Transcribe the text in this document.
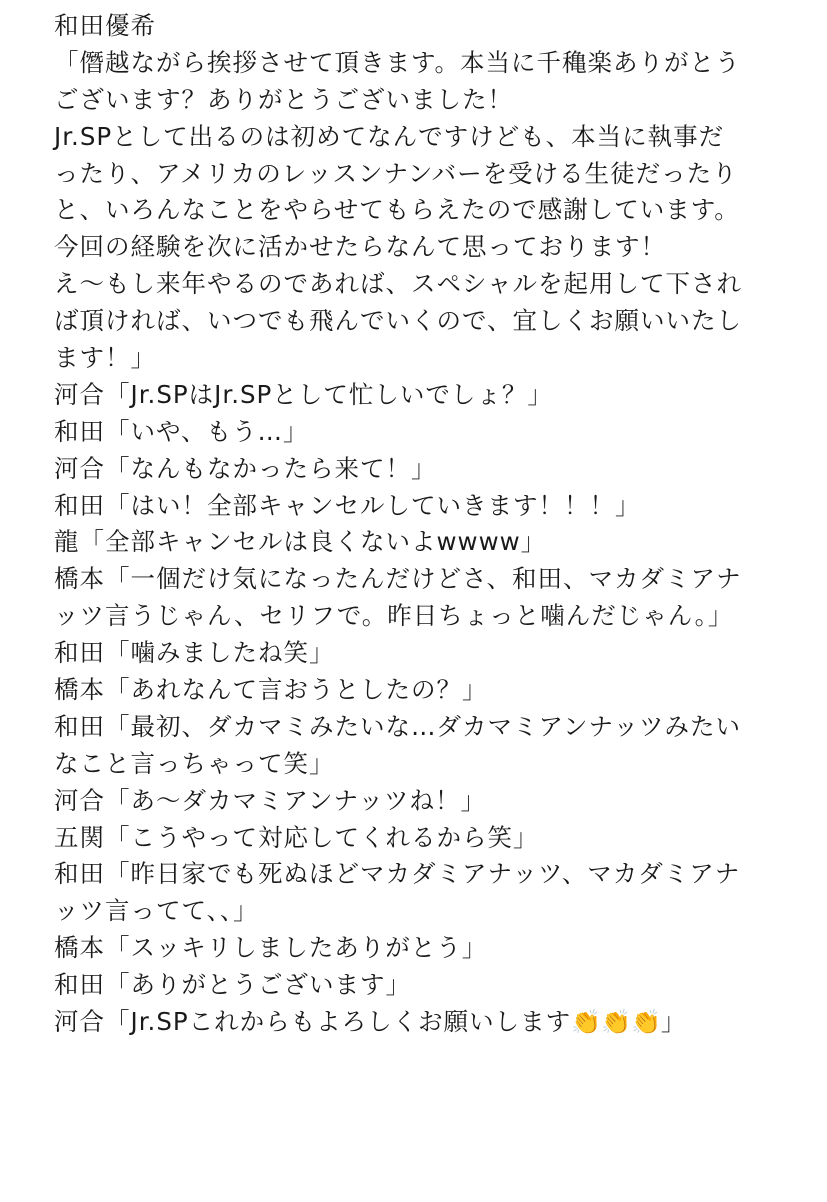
和田優希
「僭越ながら挨拶させて頂きます。本当に千穐楽ありがとう
ございます？ありがとうございました！
Jr.SPとして出るのは初めてなんですけども、本当に執事だ
ったり、アメリカのレッスンナンバーを受ける生徒だったり
と、いろんなことをやらせてもらえたので感謝しています。
今回の経験を次に活かせたらなんて思っております！
え〜もし来年やるのであれば、スペシャルを起用して下され
ば頂ければ、いつでも飛んでいくので、宜しくお願いいたし
ます！」
河合「Jr.SPはJr.SPとして忙しいでしょ？」
和田「いや、もう…」
河合「なんもなかったら来て！」
和田「はい！全部キャンセルしていきます！！！」
龍「全部キャンセルは良くないよwwww」
橋本「一個だけ気になったんだけどさ、和田、マカダミアナ
ッツ言うじゃん、セリフで。昨日ちょっと噛んだじゃん。」
和田「噛みましたね笑」
橋本「あれなんて言おうとしたの？」
和田「最初、ダカマミみたいな…ダカマミアンナッツみたい
なこと言っちゃって笑」
河合「あ〜ダカマミアンナッツね！」
五関「こうやって対応してくれるから笑」
和田「昨日家でも死ぬほどマカダミアナッツ、マカダミアナ
ッツ言ってて、、」
橋本「スッキリしましたありがとう」
和田「ありがとうございます」
河合「Jr.SPこれからもよろしくお願いします👏👏👏」
